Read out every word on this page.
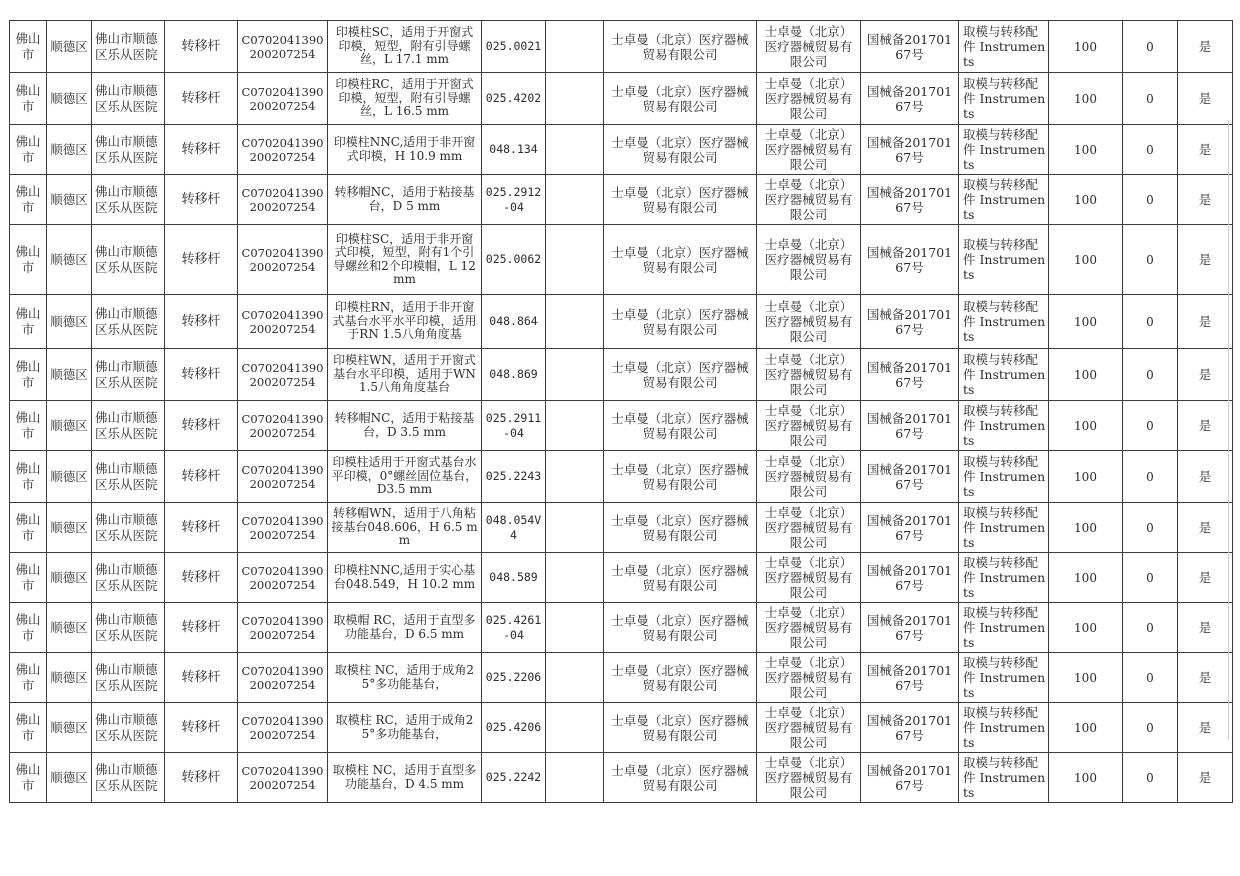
佛山市	顺德区	佛山市顺德区乐从医院	转移杆	C0702041390200207254	印模柱SC，适用于开窗式印模，短型，附有引导螺丝，L 17.1 mm	025.0021		士卓曼（北京）医疗器械贸易有限公司	士卓曼（北京）医疗器械贸易有限公司	国械备20170167号	取模与转移配件 Instruments	100	0	是
佛山市	顺德区	佛山市顺德区乐从医院	转移杆	C0702041390200207254	印模柱RC，适用于开窗式印模，短型，附有引导螺丝，L 16.5 mm	025.4202		士卓曼（北京）医疗器械贸易有限公司	士卓曼（北京）医疗器械贸易有限公司	国械备20170167号	取模与转移配件 Instruments	100	0	是
佛山市	顺德区	佛山市顺德区乐从医院	转移杆	C0702041390200207254	印模柱NNC,适用于非开窗式印模，H 10.9 mm	048.134		士卓曼（北京）医疗器械贸易有限公司	士卓曼（北京）医疗器械贸易有限公司	国械备20170167号	取模与转移配件 Instruments	100	0	是
佛山市	顺德区	佛山市顺德区乐从医院	转移杆	C0702041390200207254	转移帽NC，适用于粘接基台，D 5 mm	025.2912-04		士卓曼（北京）医疗器械贸易有限公司	士卓曼（北京）医疗器械贸易有限公司	国械备20170167号	取模与转移配件 Instruments	100	0	是
佛山市	顺德区	佛山市顺德区乐从医院	转移杆	C0702041390200207254	印模柱SC，适用于非开窗式印模，短型，附有1个引导螺丝和2个印模帽，L 12mm	025.0062		士卓曼（北京）医疗器械贸易有限公司	士卓曼（北京）医疗器械贸易有限公司	国械备20170167号	取模与转移配件 Instruments	100	0	是
佛山市	顺德区	佛山市顺德区乐从医院	转移杆	C0702041390200207254	印模柱RN，适用于非开窗式基台水平水平印模，适用于RN 1.5八角角度基	048.864		士卓曼（北京）医疗器械贸易有限公司	士卓曼（北京）医疗器械贸易有限公司	国械备20170167号	取模与转移配件 Instruments	100	0	是
佛山市	顺德区	佛山市顺德区乐从医院	转移杆	C0702041390200207254	印模柱WN，适用于开窗式基台水平印模，适用于WN 1.5八角角度基台	048.869		士卓曼（北京）医疗器械贸易有限公司	士卓曼（北京）医疗器械贸易有限公司	国械备20170167号	取模与转移配件 Instruments	100	0	是
佛山市	顺德区	佛山市顺德区乐从医院	转移杆	C0702041390200207254	转移帽NC，适用于粘接基台，D 3.5 mm	025.2911-04		士卓曼（北京）医疗器械贸易有限公司	士卓曼（北京）医疗器械贸易有限公司	国械备20170167号	取模与转移配件 Instruments	100	0	是
佛山市	顺德区	佛山市顺德区乐从医院	转移杆	C0702041390200207254	印模柱适用于开窗式基台水平印模，0°螺丝固位基台，D3.5 mm	025.2243		士卓曼（北京）医疗器械贸易有限公司	士卓曼（北京）医疗器械贸易有限公司	国械备20170167号	取模与转移配件 Instruments	100	0	是
佛山市	顺德区	佛山市顺德区乐从医院	转移杆	C0702041390200207254	转移帽WN，适用于八角粘接基台048.606，H 6.5 mm	048.054V4		士卓曼（北京）医疗器械贸易有限公司	士卓曼（北京）医疗器械贸易有限公司	国械备20170167号	取模与转移配件 Instruments	100	0	是
佛山市	顺德区	佛山市顺德区乐从医院	转移杆	C0702041390200207254	印模柱NNC,适用于实心基台048.549，H 10.2 mm	048.589		士卓曼（北京）医疗器械贸易有限公司	士卓曼（北京）医疗器械贸易有限公司	国械备20170167号	取模与转移配件 Instruments	100	0	是
佛山市	顺德区	佛山市顺德区乐从医院	转移杆	C0702041390200207254	取模帽 RC，适用于直型多功能基台，D 6.5 mm	025.4261-04		士卓曼（北京）医疗器械贸易有限公司	士卓曼（北京）医疗器械贸易有限公司	国械备20170167号	取模与转移配件 Instruments	100	0	是
佛山市	顺德区	佛山市顺德区乐从医院	转移杆	C0702041390200207254	取模柱 NC，适用于成角25°多功能基台，	025.2206		士卓曼（北京）医疗器械贸易有限公司	士卓曼（北京）医疗器械贸易有限公司	国械备20170167号	取模与转移配件 Instruments	100	0	是
佛山市	顺德区	佛山市顺德区乐从医院	转移杆	C0702041390200207254	取模柱 RC，适用于成角25°多功能基台，	025.4206		士卓曼（北京）医疗器械贸易有限公司	士卓曼（北京）医疗器械贸易有限公司	国械备20170167号	取模与转移配件 Instruments	100	0	是
佛山市	顺德区	佛山市顺德区乐从医院	转移杆	C0702041390200207254	取模柱 NC，适用于直型多功能基台，D 4.5 mm	025.2242		士卓曼（北京）医疗器械贸易有限公司	士卓曼（北京）医疗器械贸易有限公司	国械备20170167号	取模与转移配件 Instruments	100	0	是
